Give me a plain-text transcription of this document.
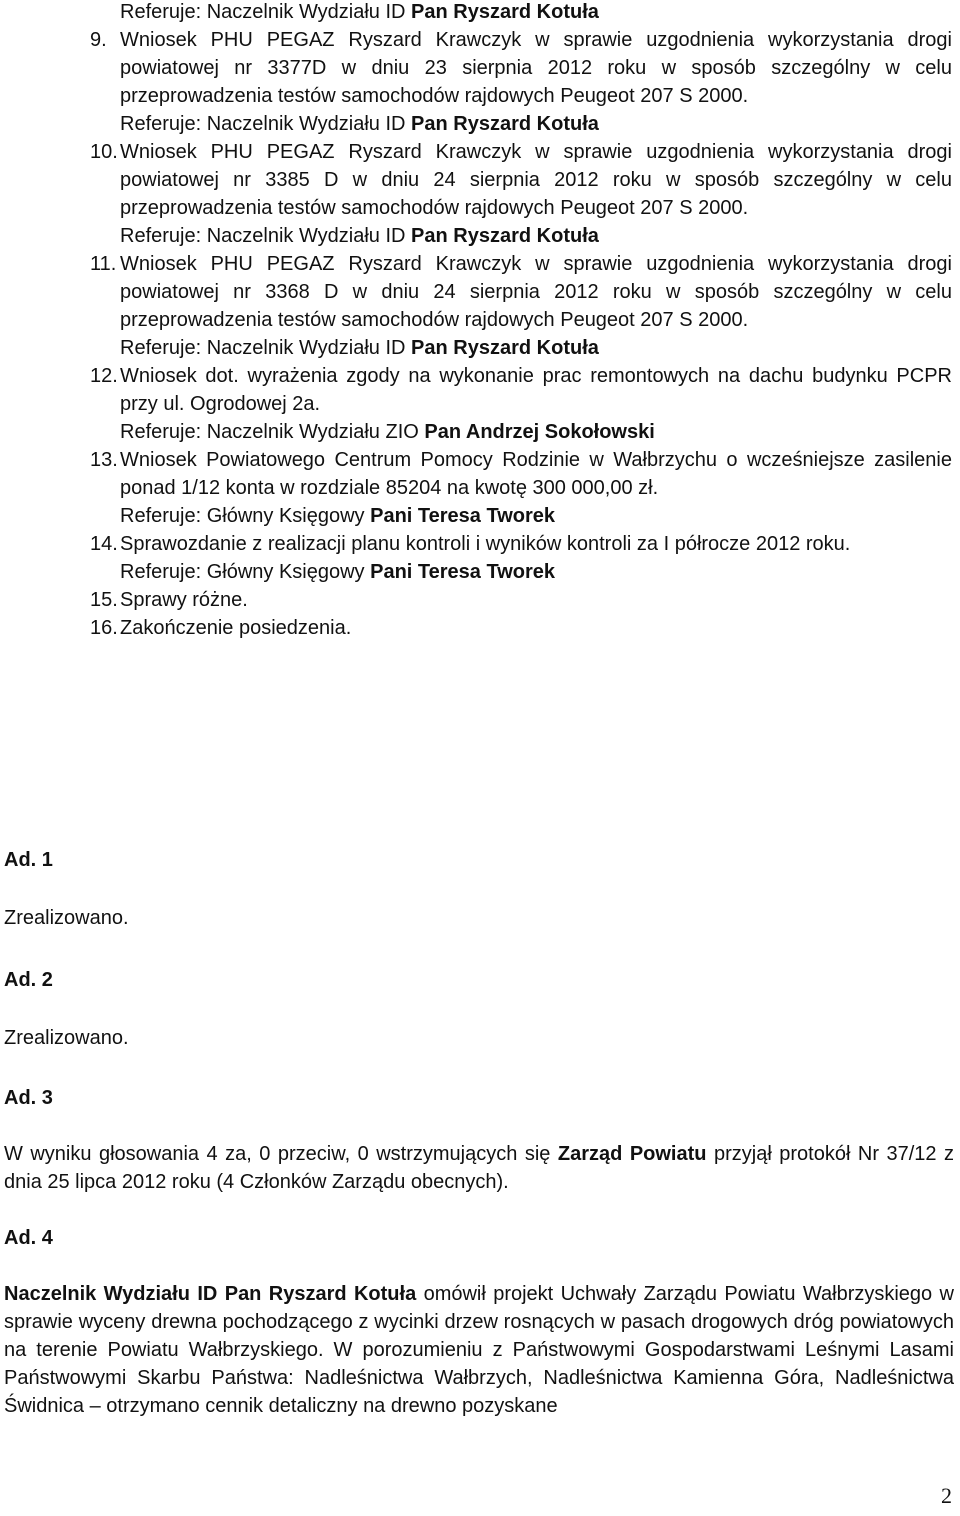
Referuje: Naczelnik Wydziału ID Pan Ryszard Kotuła
9. Wniosek PHU PEGAZ Ryszard Krawczyk w sprawie uzgodnienia wykorzystania drogi powiatowej nr 3377D w dniu 23 sierpnia 2012 roku w sposób szczególny w celu przeprowadzenia testów samochodów rajdowych Peugeot 207 S 2000.
Referuje: Naczelnik Wydziału ID Pan Ryszard Kotuła
10. Wniosek PHU PEGAZ Ryszard Krawczyk w sprawie uzgodnienia wykorzystania drogi powiatowej nr 3385 D w dniu 24 sierpnia 2012 roku w sposób szczególny w celu przeprowadzenia testów samochodów rajdowych Peugeot 207 S 2000.
Referuje: Naczelnik Wydziału ID Pan Ryszard Kotuła
11. Wniosek PHU PEGAZ Ryszard Krawczyk w sprawie uzgodnienia wykorzystania drogi powiatowej nr 3368 D w dniu 24 sierpnia 2012 roku w sposób szczególny w celu przeprowadzenia testów samochodów rajdowych Peugeot 207 S 2000.
Referuje: Naczelnik Wydziału ID Pan Ryszard Kotuła
12. Wniosek dot. wyrażenia zgody na wykonanie prac remontowych na dachu budynku PCPR przy ul. Ogrodowej 2a.
Referuje: Naczelnik Wydziału ZIO Pan Andrzej Sokołowski
13. Wniosek Powiatowego Centrum Pomocy Rodzinie w Wałbrzychu o wcześniejsze zasilenie ponad 1/12 konta w rozdziale 85204 na kwotę 300 000,00 zł.
Referuje: Główny Księgowy Pani Teresa Tworek
14. Sprawozdanie z realizacji planu kontroli i wyników kontroli za I półrocze 2012 roku.
Referuje: Główny Księgowy Pani Teresa Tworek
15. Sprawy różne.
16. Zakończenie posiedzenia.
Ad. 1
Zrealizowano.
Ad. 2
Zrealizowano.
Ad. 3
W wyniku głosowania 4 za, 0 przeciw, 0 wstrzymujących się Zarząd Powiatu przyjął protokół Nr 37/12 z dnia 25 lipca 2012 roku (4 Członków Zarządu obecnych).
Ad. 4
Naczelnik Wydziału ID Pan Ryszard Kotuła omówił projekt Uchwały Zarządu Powiatu Wałbrzyskiego w sprawie wyceny drewna pochodzącego z wycinki drzew rosnących w pasach drogowych dróg powiatowych na terenie Powiatu Wałbrzyskiego. W porozumieniu z Państwowymi Gospodarstwami Leśnymi Lasami Państwowymi Skarbu Państwa: Nadleśnictwa Wałbrzych, Nadleśnictwa Kamienna Góra, Nadleśnictwa Świdnica – otrzymano cennik detaliczny na drewno pozyskane
2
